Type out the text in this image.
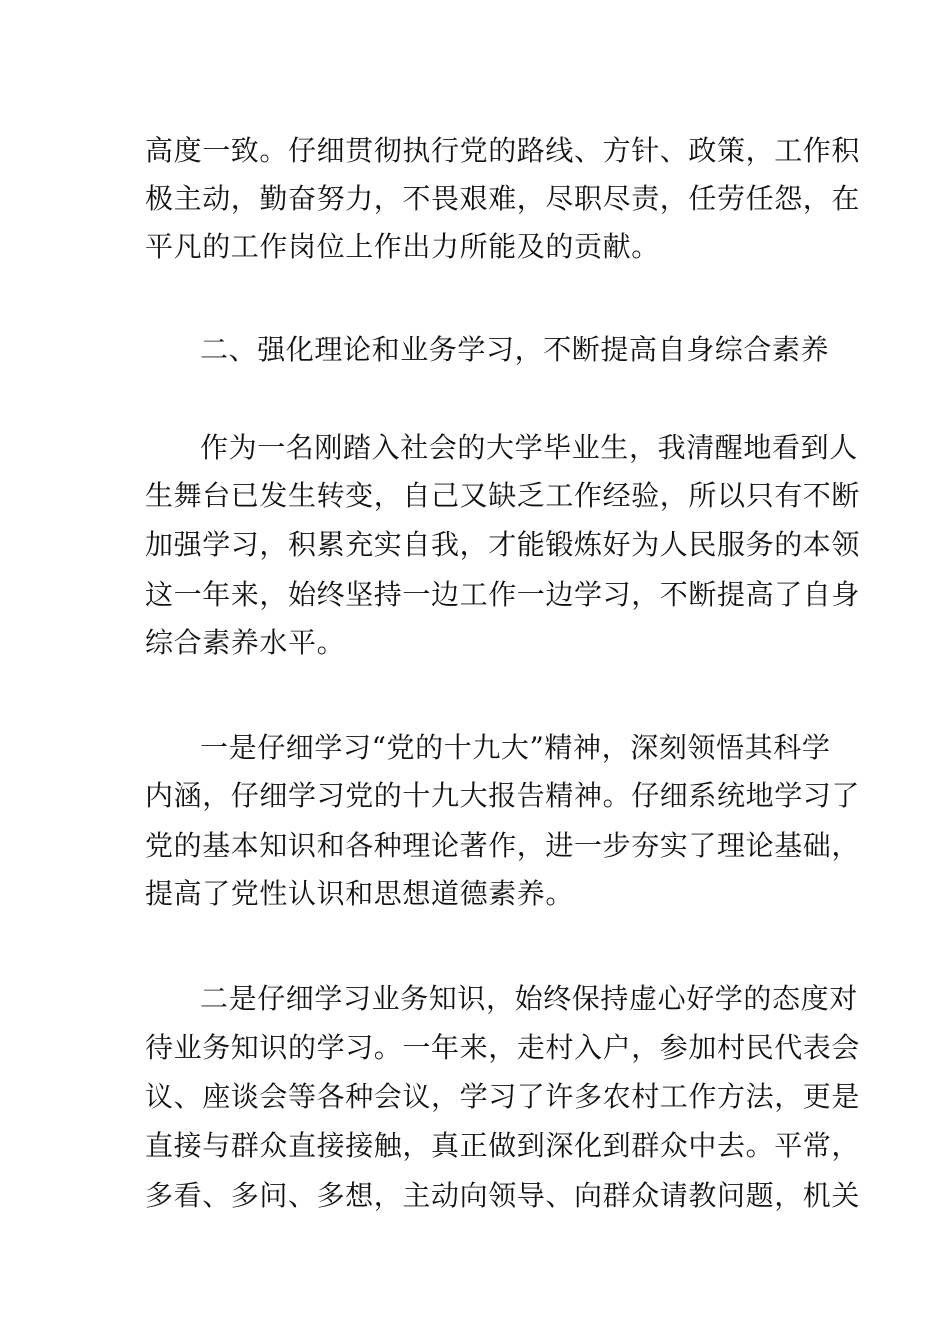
高度一致。仔细贯彻执行党的路线、方针、政策，工作积
极主动，勤奋努力，不畏艰难，尽职尽责，任劳任怨，在
平凡的工作岗位上作出力所能及的贡献。
二、强化理论和业务学习，不断提高自身综合素养
作为一名刚踏入社会的大学毕业生，我清醒地看到人
生舞台已发生转变，自己又缺乏工作经验，所以只有不断
加强学习，积累充实自我，才能锻炼好为人民服务的本领
这一年来，始终坚持一边工作一边学习，不断提高了自身
综合素养水平。
一是仔细学习“党的十九大”精神，深刻领悟其科学
内涵，仔细学习党的十九大报告精神。仔细系统地学习了
党的基本知识和各种理论著作，进一步夯实了理论基础，
提高了党性认识和思想道德素养。
二是仔细学习业务知识，始终保持虚心好学的态度对
待业务知识的学习。一年来，走村入户，参加村民代表会
议、座谈会等各种会议，学习了许多农村工作方法，更是
直接与群众直接接触，真正做到深化到群众中去。平常，
多看、多问、多想，主动向领导、向群众请教问题，机关
